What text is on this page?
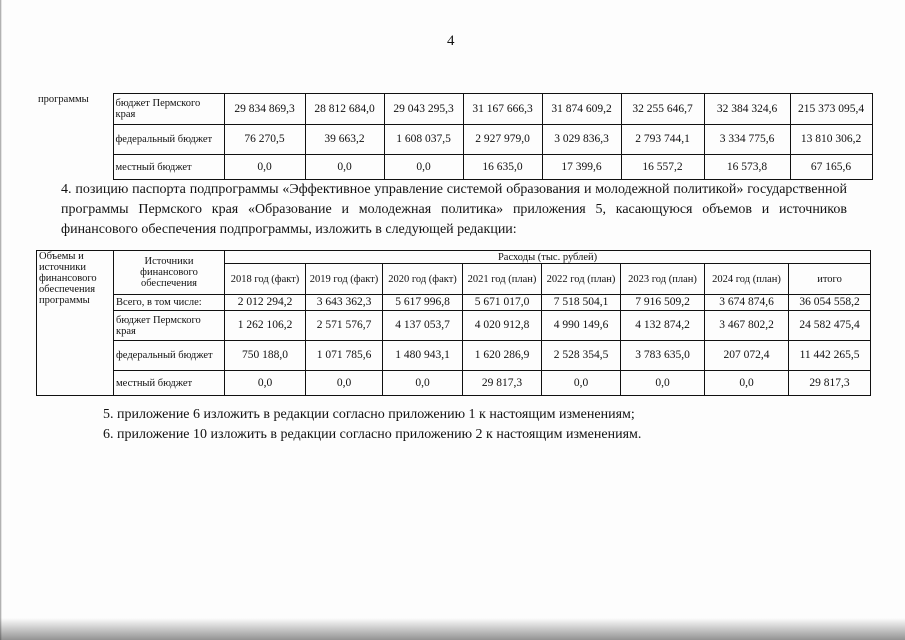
4
программы	бюджет Пермского края	29 834 869,3	28 812 684,0	29 043 295,3	31 167 666,3	31 874 609,2	32 255 646,7	32 384 324,6	215 373 095,4
	федеральный бюджет	76 270,5	39 663,2	1 608 037,5	2 927 979,0	3 029 836,3	2 793 744,1	3 334 775,6	13 810 306,2
	местный бюджет	0,0	0,0	0,0	16 635,0	17 399,6	16 557,2	16 573,8	67 165,6

4. позицию паспорта подпрограммы «Эффективное управление системой образования и молодежной политикой» государственной программы Пермского края «Образование и молодежная политика» приложения 5, касающуюся объемов и источников финансового обеспечения подпрограммы, изложить в следующей редакции:

Объемы и источники финансового обеспечения программы	Источники финансового обеспечения	Расходы (тыс. рублей)							
		2018 год (факт)	2019 год (факт)	2020 год (факт)	2021 год (план)	2022 год (план)	2023 год (план)	2024 год (план)	итого
	Всего, в том числе:	2 012 294,2	3 643 362,3	5 617 996,8	5 671 017,0	7 518 504,1	7 916 509,2	3 674 874,6	36 054 558,2
	бюджет Пермского края	1 262 106,2	2 571 576,7	4 137 053,7	4 020 912,8	4 990 149,6	4 132 874,2	3 467 802,2	24 582 475,4
	федеральный бюджет	750 188,0	1 071 785,6	1 480 943,1	1 620 286,9	2 528 354,5	3 783 635,0	207 072,4	11 442 265,5
	местный бюджет	0,0	0,0	0,0	29 817,3	0,0	0,0	0,0	29 817,3

5. приложение 6 изложить в редакции согласно приложению 1 к настоящим изменениям;

6. приложение 10 изложить в редакции согласно приложению 2 к настоящим изменениям.
